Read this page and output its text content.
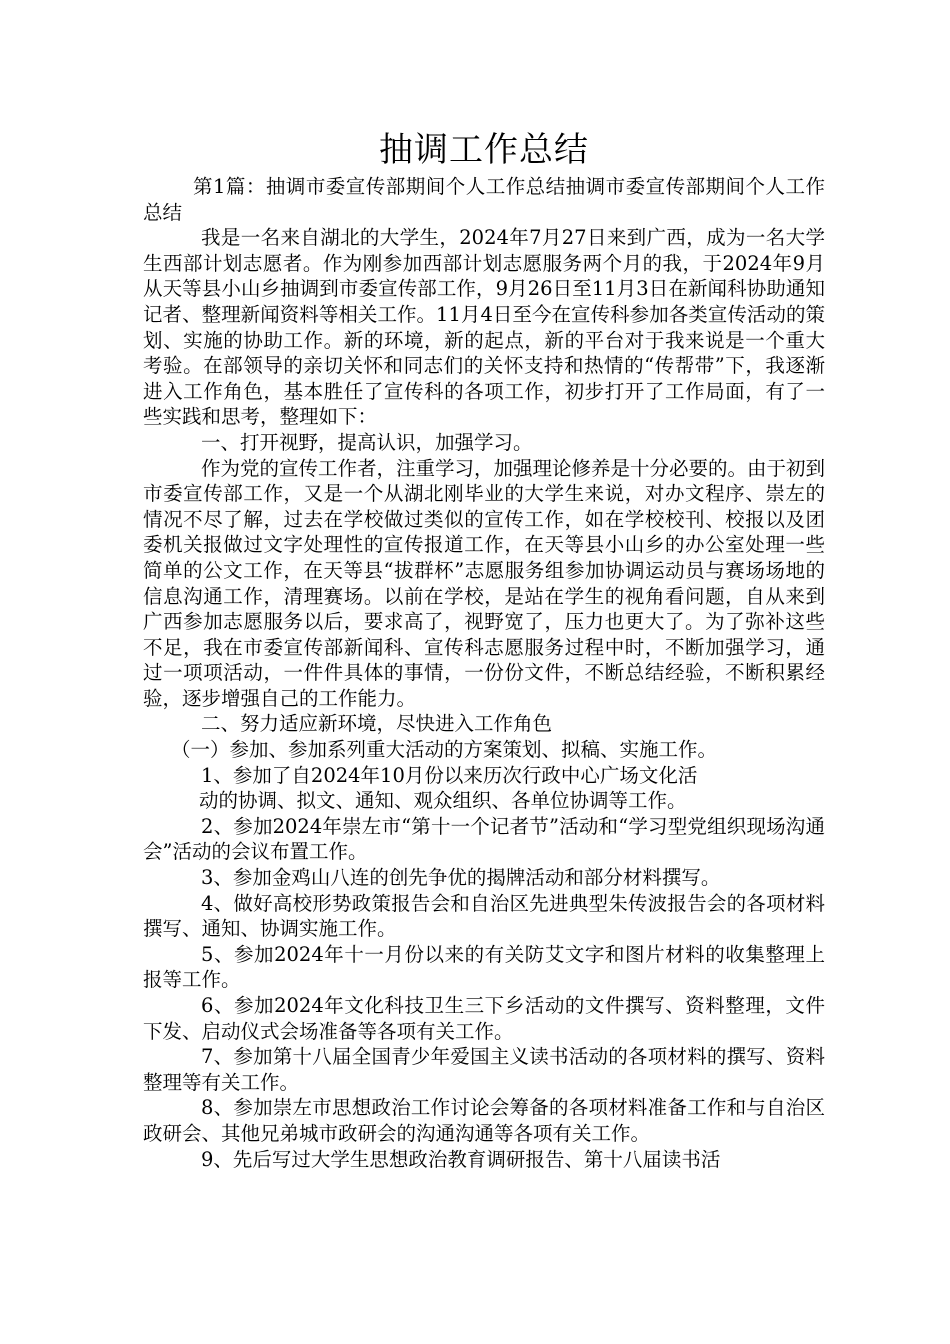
抽调工作总结

第1篇：抽调市委宣传部期间个人工作总结抽调市委宣传部期间个人工作总结

我是一名来自湖北的大学生，2024年7月27日来到广西，成为一名大学生西部计划志愿者。作为刚参加西部计划志愿服务两个月的我，于2024年9月从天等县小山乡抽调到市委宣传部工作，9月26日至11月3日在新闻科协助通知记者、整理新闻资料等相关工作。11月4日至今在宣传科参加各类宣传活动的策划、实施的协助工作。新的环境，新的起点，新的平台对于我来说是一个重大考验。在部领导的亲切关怀和同志们的关怀支持和热情的“传帮带”下，我逐渐进入工作角色，基本胜任了宣传科的各项工作，初步打开了工作局面，有了一些实践和思考，整理如下：

一、打开视野，提高认识，加强学习。

作为党的宣传工作者，注重学习，加强理论修养是十分必要的。由于初到市委宣传部工作，又是一个从湖北刚毕业的大学生来说，对办文程序、崇左的情况不尽了解，过去在学校做过类似的宣传工作，如在学校校刊、校报以及团委机关报做过文字处理性的宣传报道工作，在天等县小山乡的办公室处理一些简单的公文工作，在天等县“拔群杯”志愿服务组参加协调运动员与赛场场地的信息沟通工作，清理赛场。以前在学校，是站在学生的视角看问题，自从来到广西参加志愿服务以后，要求高了，视野宽了，压力也更大了。为了弥补这些不足，我在市委宣传部新闻科、宣传科志愿服务过程中时，不断加强学习，通过一项项活动，一件件具体的事情，一份份文件，不断总结经验，不断积累经验，逐步增强自己的工作能力。

二、努力适应新环境，尽快进入工作角色

（一）参加、参加系列重大活动的方案策划、拟稿、实施工作。

1、参加了自2024年10月份以来历次行政中心广场文化活

动的协调、拟文、通知、观众组织、各单位协调等工作。

2、参加2024年崇左市“第十一个记者节”活动和“学习型党组织现场沟通会”活动的会议布置工作。

3、参加金鸡山八连的创先争优的揭牌活动和部分材料撰写。

4、做好高校形势政策报告会和自治区先进典型朱传波报告会的各项材料撰写、通知、协调实施工作。

5、参加2024年十一月份以来的有关防艾文字和图片材料的收集整理上报等工作。

6、参加2024年文化科技卫生三下乡活动的文件撰写、资料整理，文件下发、启动仪式会场准备等各项有关工作。

7、参加第十八届全国青少年爱国主义读书活动的各项材料的撰写、资料整理等有关工作。

8、参加崇左市思想政治工作讨论会筹备的各项材料准备工作和与自治区政研会、其他兄弟城市政研会的沟通沟通等各项有关工作。

9、先后写过大学生思想政治教育调研报告、第十八届读书活
